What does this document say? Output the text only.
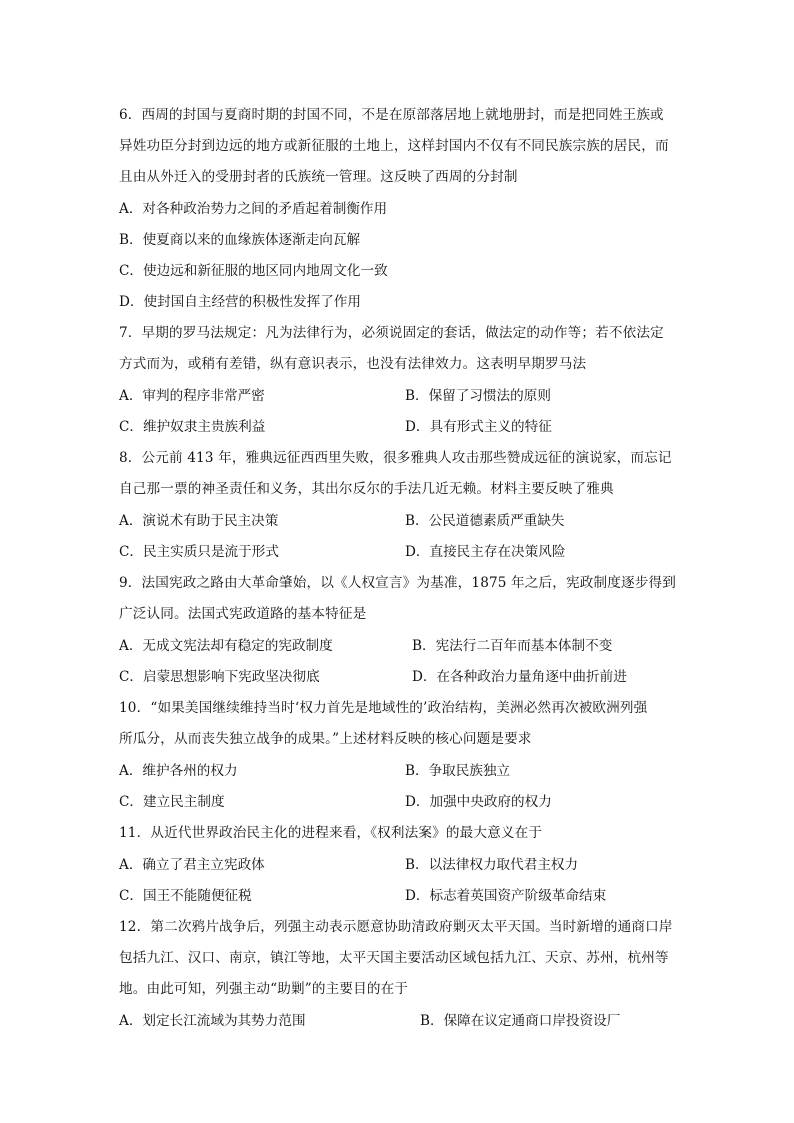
6．西周的封国与夏商时期的封国不同，不是在原部落居地上就地册封，而是把同姓王族或
异姓功臣分封到边远的地方或新征服的土地上，这样封国内不仅有不同民族宗族的居民，而
且由从外迁入的受册封者的氏族统一管理。这反映了西周的分封制
A．对各种政治势力之间的矛盾起着制衡作用
B．使夏商以来的血缘族体逐渐走向瓦解
C．使边远和新征服的地区同内地周文化一致
D．使封国自主经营的积极性发挥了作用
7．早期的罗马法规定：凡为法律行为，必须说固定的套话，做法定的动作等；若不依法定
方式而为，或稍有差错，纵有意识表示，也没有法律效力。这表明早期罗马法
A．审判的程序非常严密	B．保留了习惯法的原则
C．维护奴隶主贵族利益	D．具有形式主义的特征
8．公元前 413 年，雅典远征西西里失败，很多雅典人攻击那些赞成远征的演说家，而忘记
自己那一票的神圣责任和义务，其出尔反尔的手法几近无赖。材料主要反映了雅典
A．演说术有助于民主决策	B．公民道德素质严重缺失
C．民主实质只是流于形式	D．直接民主存在决策风险
9．法国宪政之路由大革命肇始，以《人权宣言》为基准，1875 年之后，宪政制度逐步得到
广泛认同。法国式宪政道路的基本特征是
A．无成文宪法却有稳定的宪政制度	B．宪法行二百年而基本体制不变
C．启蒙思想影响下宪政坚决彻底	D．在各种政治力量角逐中曲折前进
10．“如果美国继续维持当时‘权力首先是地域性的’政治结构，美洲必然再次被欧洲列强
所瓜分，从而丧失独立战争的成果。”上述材料反映的核心问题是要求
A．维护各州的权力	B．争取民族独立
C．建立民主制度	D．加强中央政府的权力
11．从近代世界政治民主化的进程来看，《权利法案》的最大意义在于
A．确立了君主立宪政体	B．以法律权力取代君主权力
C．国王不能随便征税	D．标志着英国资产阶级革命结束
12．第二次鸦片战争后，列强主动表示愿意协助清政府剿灭太平天国。当时新增的通商口岸
包括九江、汉口、南京，镇江等地，太平天国主要活动区域包括九江、天京、苏州，杭州等
地。由此可知，列强主动“助剿”的主要目的在于
A．划定长江流域为其势力范围	B．保障在议定通商口岸投资设厂
